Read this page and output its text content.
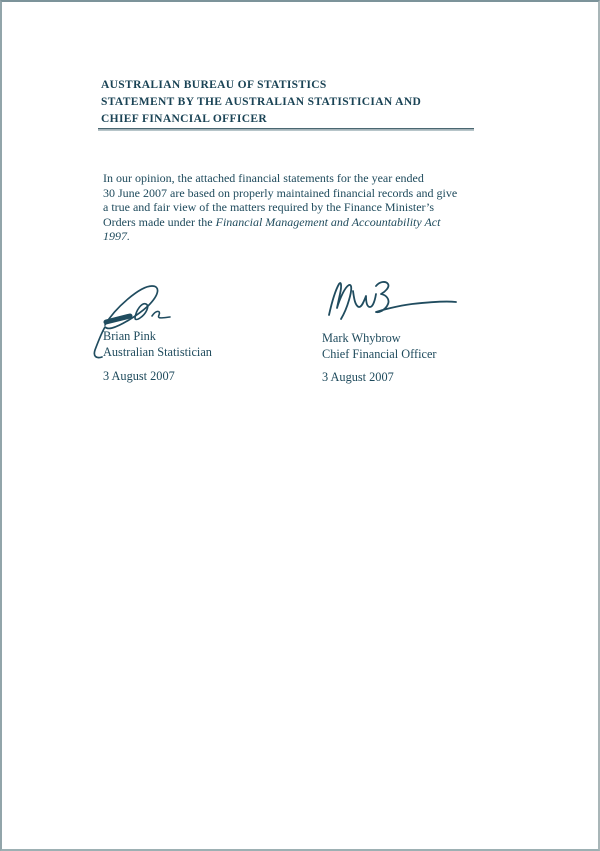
AUSTRALIAN BUREAU OF STATISTICS
STATEMENT BY THE AUSTRALIAN STATISTICIAN AND
CHIEF FINANCIAL OFFICER
In our opinion, the attached financial statements for the year ended
30 June 2007 are based on properly maintained financial records and give
a true and fair view of the matters required by the Finance Minister’s
Orders made under the Financial Management and Accountability Act
1997.
Brian Pink
Australian Statistician
Mark Whybrow
Chief Financial Officer
3 August 2007	3 August 2007
